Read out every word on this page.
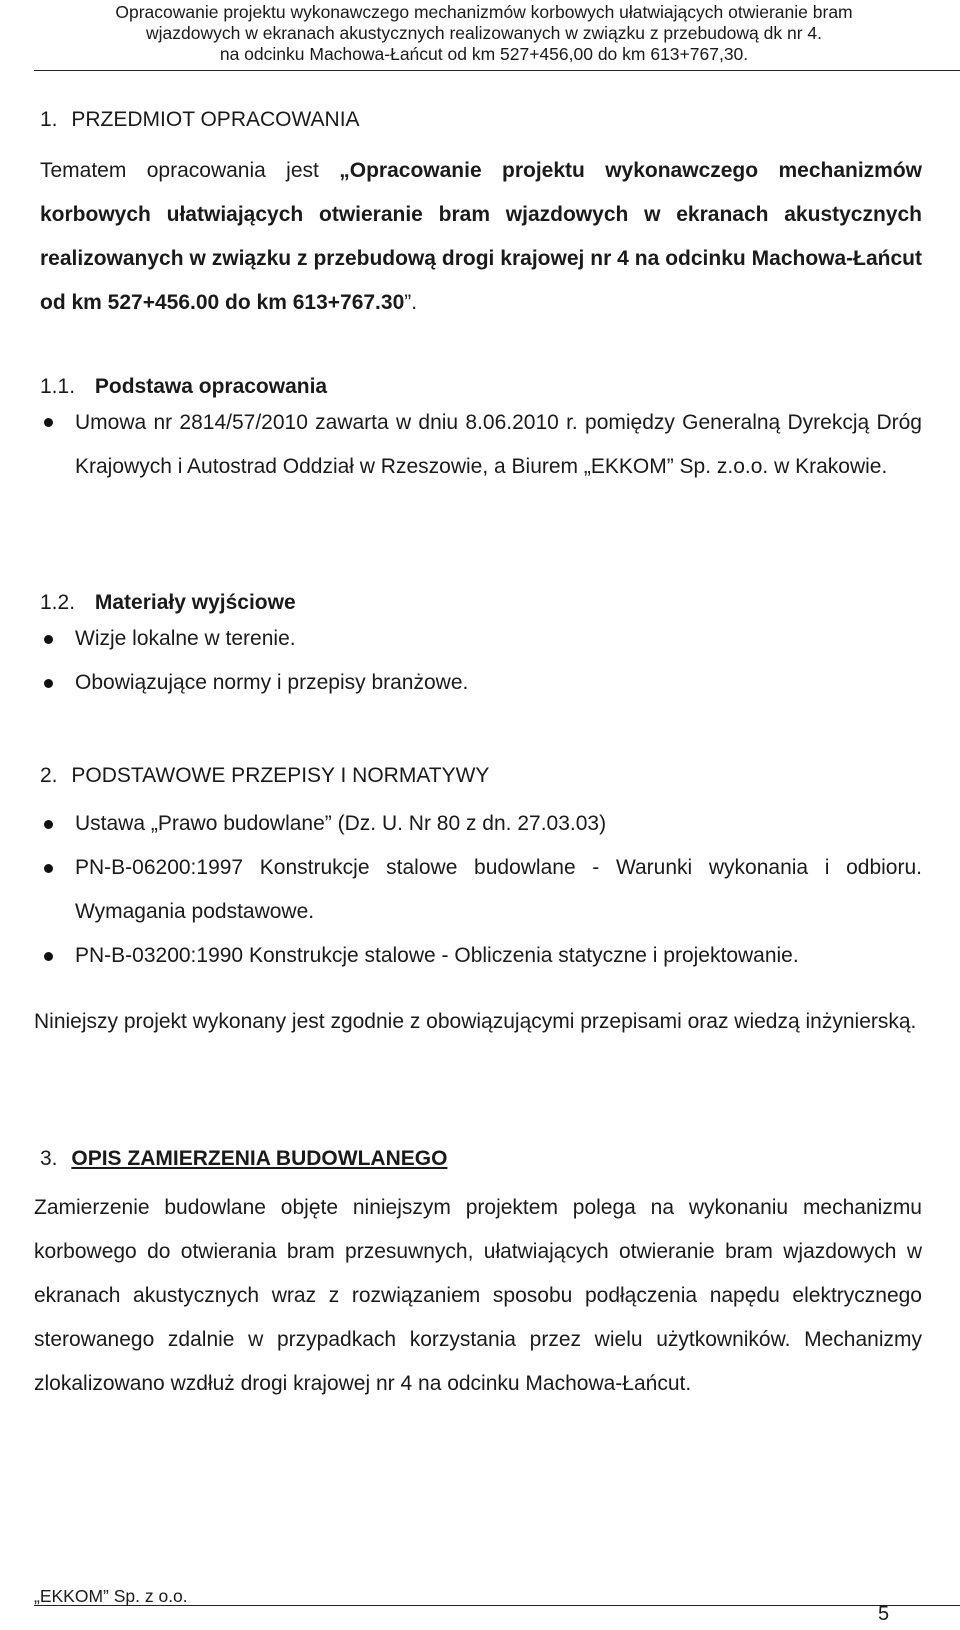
Opracowanie projektu wykonawczego mechanizmów korbowych ułatwiających otwieranie bram
wjazdowych w ekranach akustycznych realizowanych w związku z przebudową dk nr 4.
na odcinku Machowa-Łańcut od km 527+456,00 do km 613+767,30.
1. PRZEDMIOT OPRACOWANIA
Tematem opracowania jest „Opracowanie projektu wykonawczego mechanizmów korbowych ułatwiających otwieranie bram wjazdowych w ekranach akustycznych realizowanych w związku z przebudową drogi krajowej nr 4 na odcinku Machowa-Łańcut od km 527+456.00 do km 613+767.30”.
1.1. Podstawa opracowania
Umowa nr 2814/57/2010 zawarta w dniu 8.06.2010 r. pomiędzy Generalną Dyrekcją Dróg Krajowych i Autostrad Oddział w Rzeszowie, a Biurem „EKKOM” Sp. z.o.o. w Krakowie.
1.2. Materiały wyjściowe
Wizje lokalne w terenie.
Obowiązujące normy i przepisy branżowe.
2. PODSTAWOWE PRZEPISY I NORMATYWY
Ustawa „Prawo budowlane” (Dz. U. Nr 80 z dn. 27.03.03)
PN-B-06200:1997 Konstrukcje stalowe budowlane - Warunki wykonania i odbioru. Wymagania podstawowe.
PN-B-03200:1990 Konstrukcje stalowe - Obliczenia statyczne i projektowanie.
Niniejszy projekt wykonany jest zgodnie z obowiązującymi przepisami oraz wiedzą inżynierską.
3. OPIS ZAMIERZENIA BUDOWLANEGO
Zamierzenie budowlane objęte niniejszym projektem polega na wykonaniu mechanizmu korbowego do otwierania bram przesuwnych, ułatwiających otwieranie bram wjazdowych w ekranach akustycznych wraz z rozwiązaniem sposobu podłączenia napędu elektrycznego sterowanego zdalnie w przypadkach korzystania przez wielu użytkowników. Mechanizmy zlokalizowano wzdłuż drogi krajowej nr 4 na odcinku Machowa-Łańcut.
„EKKOM” Sp. z o.o.
5
